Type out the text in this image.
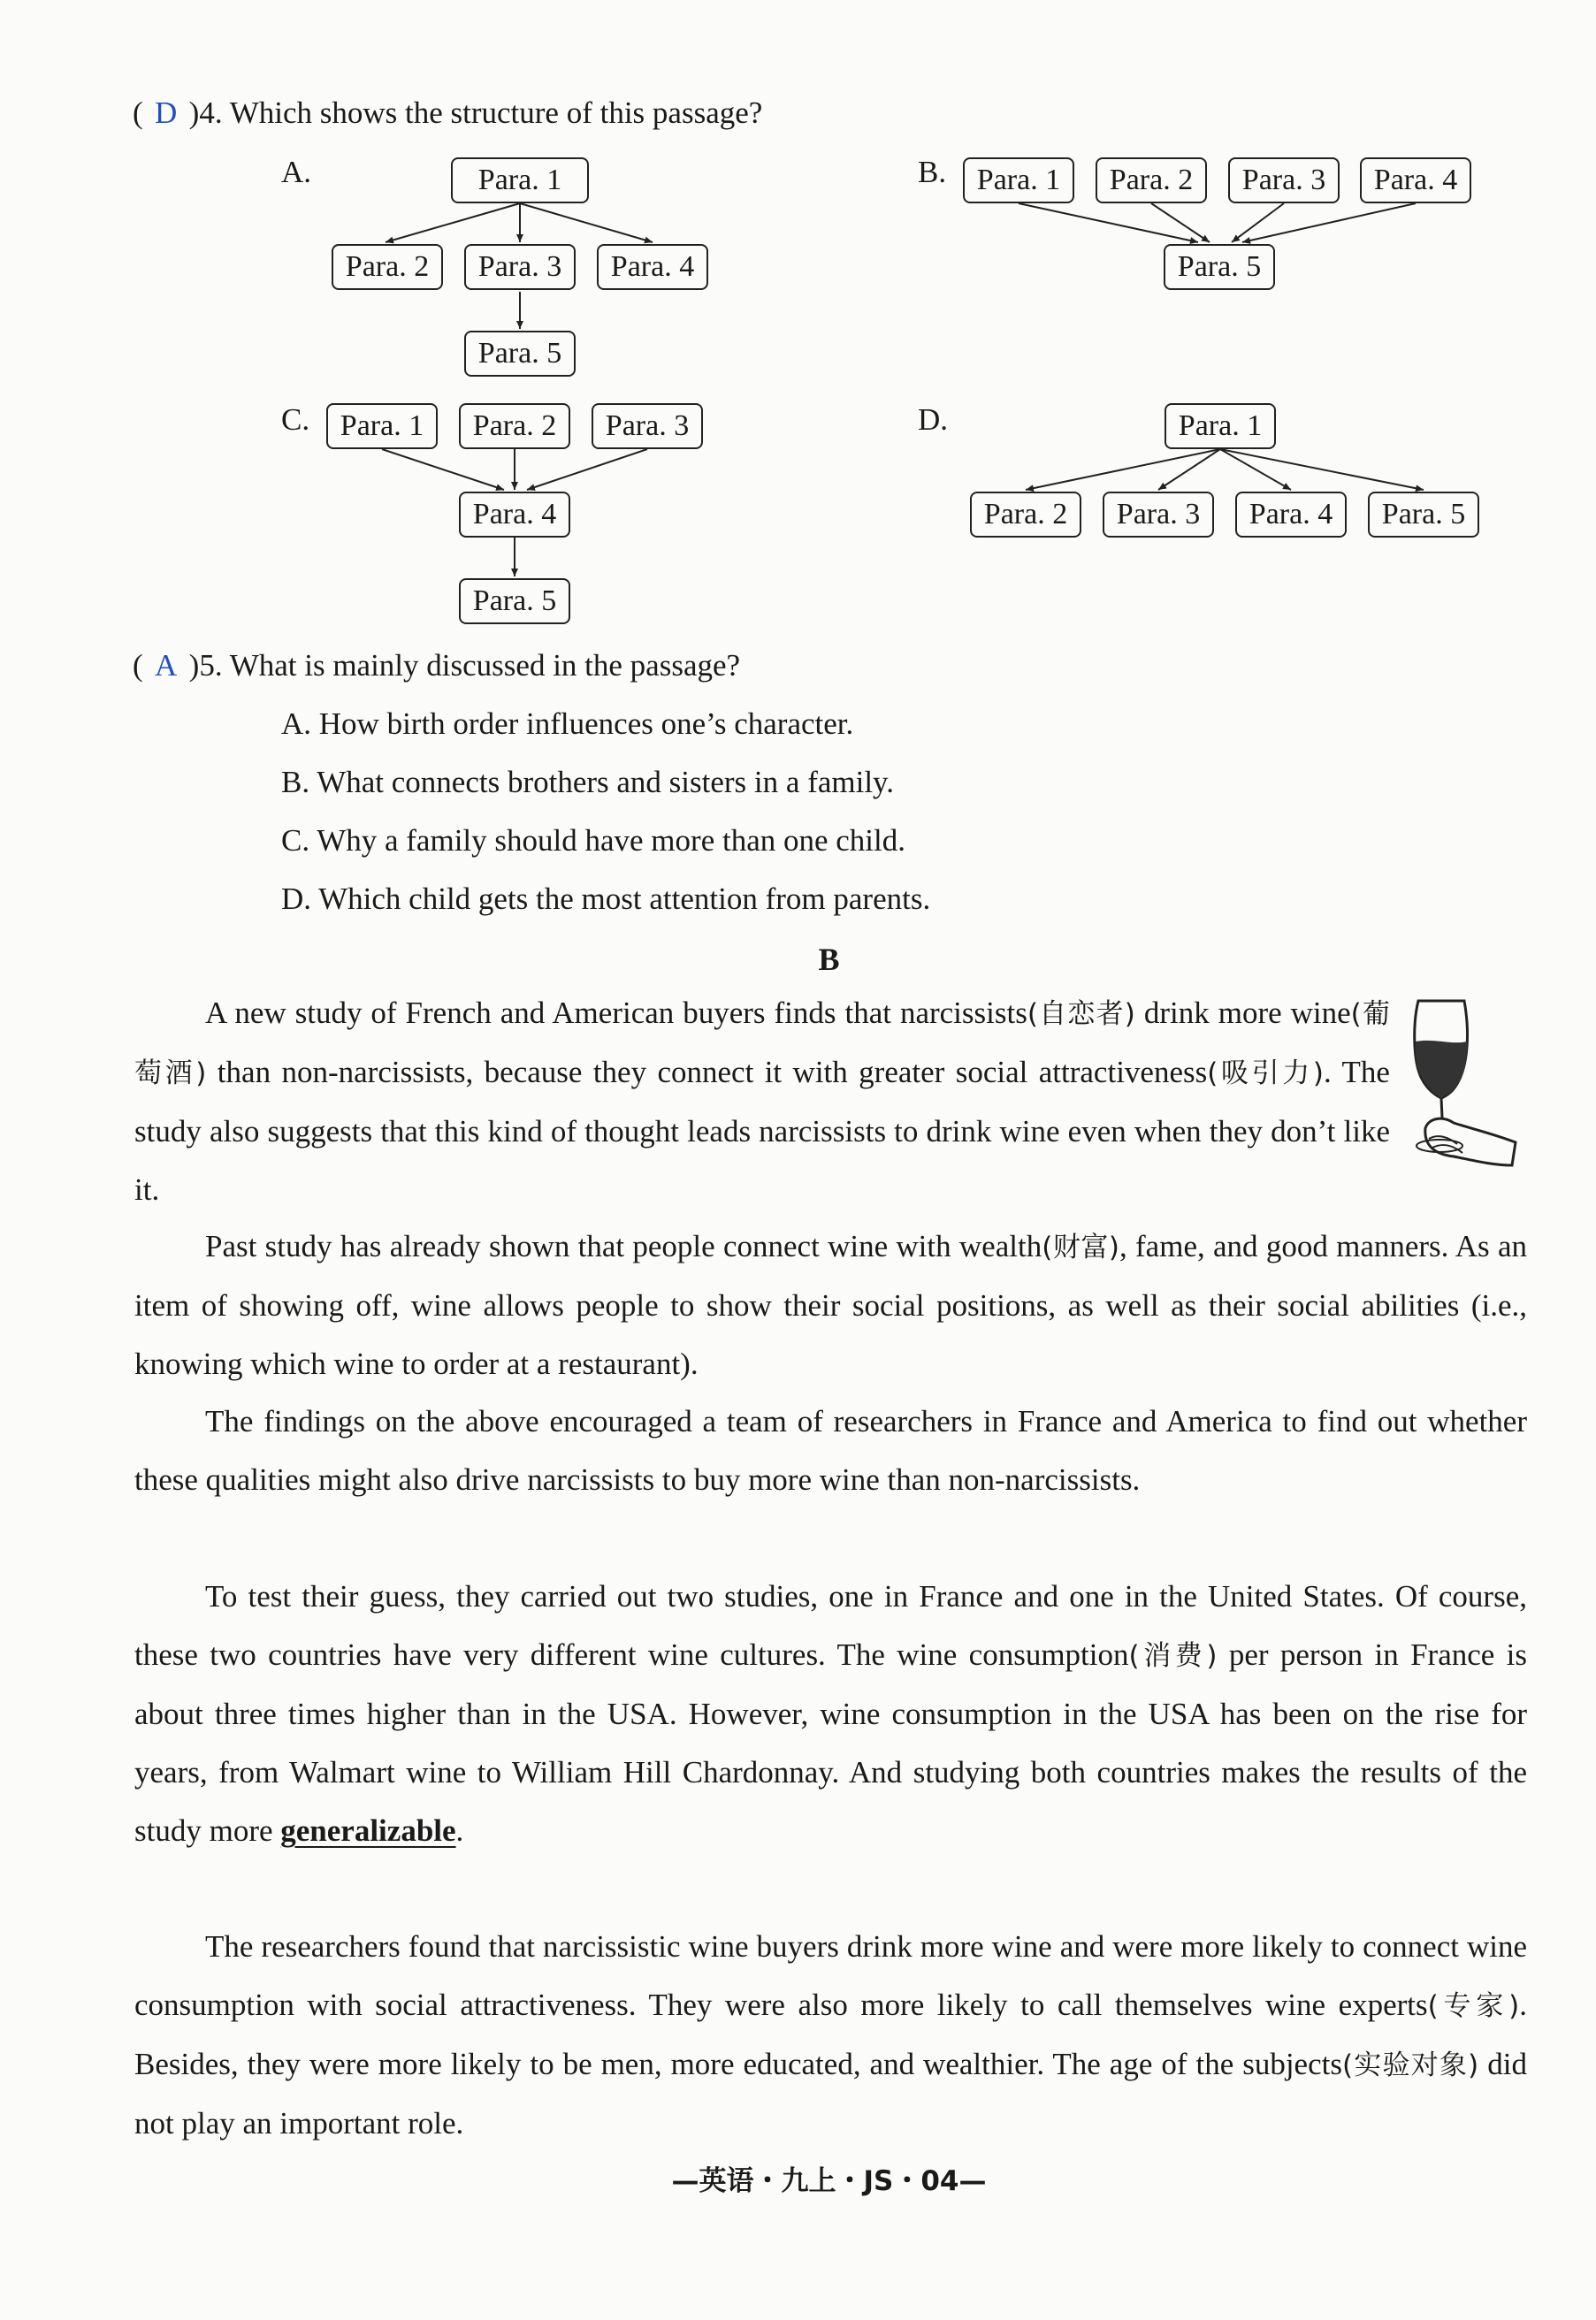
( D )4. Which shows the structure of this passage?
A.	B.
C.	D.
Para. 1
Para. 2	Para. 3	Para. 4
Para. 5
Para. 1	Para. 2	Para. 3	Para. 4
Para. 5
Para. 1	Para. 2	Para. 3
Para. 4
Para. 5
Para. 1
Para. 2	Para. 3	Para. 4	Para. 5
( A )5. What is mainly discussed in the passage?
A. How birth order influences one’s character.
B. What connects brothers and sisters in a family.
C. Why a family should have more than one child.
D. Which child gets the most attention from parents.
B

A new study of French and American buyers finds that narcissists(自恋者) drink more wine(葡萄酒) than non-narcissists, because they connect it with greater social attractiveness(吸引力). The study also suggests that this kind of thought leads narcissists to drink wine even when they don’t like it.

Past study has already shown that people connect wine with wealth(财富), fame, and good manners. As an item of showing off, wine allows people to show their social positions, as well as their social abilities (i.e., knowing which wine to order at a restaurant).

The findings on the above encouraged a team of researchers in France and America to find out whether these qualities might also drive narcissists to buy more wine than non-narcissists.

To test their guess, they carried out two studies, one in France and one in the United States. Of course, these two countries have very different wine cultures. The wine consumption(消费) per person in France is about three times higher than in the USA. However, wine consumption in the USA has been on the rise for years, from Walmart wine to William Hill Chardonnay. And studying both countries makes the results of the study more generalizable.

The researchers found that narcissistic wine buyers drink more wine and were more likely to connect wine consumption with social attractiveness. They were also more likely to call themselves wine experts(专家). Besides, they were more likely to be men, more educated, and wealthier. The age of the subjects(实验对象) did not play an important role.

—英语・九上・JS・04—
